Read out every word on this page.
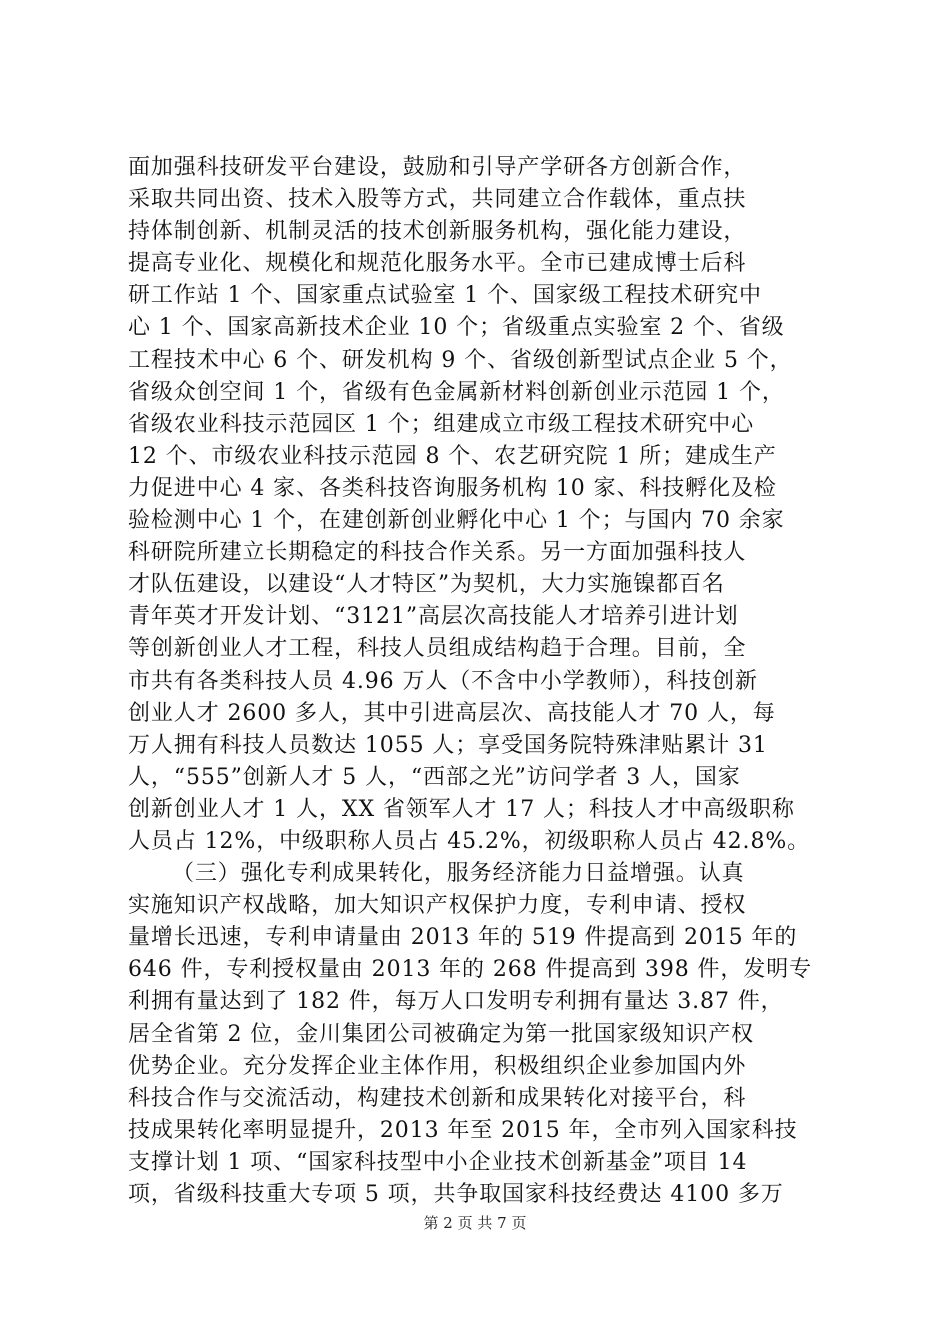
面加强科技研发平台建设，鼓励和引导产学研各方创新合作，
采取共同出资、技术入股等方式，共同建立合作载体，重点扶
持体制创新、机制灵活的技术创新服务机构，强化能力建设，
提高专业化、规模化和规范化服务水平。全市已建成博士后科
研工作站 1 个、国家重点试验室 1 个、国家级工程技术研究中
心 1 个、国家高新技术企业 10 个；省级重点实验室 2 个、省级
工程技术中心 6 个、研发机构 9 个、省级创新型试点企业 5 个，
省级众创空间 1 个，省级有色金属新材料创新创业示范园 1 个，
省级农业科技示范园区 1 个；组建成立市级工程技术研究中心
12 个、市级农业科技示范园 8 个、农艺研究院 1 所；建成生产
力促进中心 4 家、各类科技咨询服务机构 10 家、科技孵化及检
验检测中心 1 个，在建创新创业孵化中心 1 个；与国内 70 余家
科研院所建立长期稳定的科技合作关系。另一方面加强科技人
才队伍建设，以建设“人才特区”为契机，大力实施镍都百名
青年英才开发计划、“3121”高层次高技能人才培养引进计划
等创新创业人才工程，科技人员组成结构趋于合理。目前，全
市共有各类科技人员 4.96 万人（不含中小学教师），科技创新
创业人才 2600 多人，其中引进高层次、高技能人才 70 人，每
万人拥有科技人员数达 1055 人；享受国务院特殊津贴累计 31
人，“555”创新人才 5 人，“西部之光”访问学者 3 人，国家
创新创业人才 1 人，XX 省领军人才 17 人；科技人才中高级职称
人员占 12%，中级职称人员占 45.2%，初级职称人员占 42.8%。
（三）强化专利成果转化，服务经济能力日益增强。认真
实施知识产权战略，加大知识产权保护力度，专利申请、授权
量增长迅速，专利申请量由 2013 年的 519 件提高到 2015 年的
646 件，专利授权量由 2013 年的 268 件提高到 398 件，发明专
利拥有量达到了 182 件，每万人口发明专利拥有量达 3.87 件，
居全省第 2 位，金川集团公司被确定为第一批国家级知识产权
优势企业。充分发挥企业主体作用，积极组织企业参加国内外
科技合作与交流活动，构建技术创新和成果转化对接平台，科
技成果转化率明显提升，2013 年至 2015 年，全市列入国家科技
支撑计划 1 项、“国家科技型中小企业技术创新基金”项目 14
项，省级科技重大专项 5 项，共争取国家科技经费达 4100 多万
第 2 页 共 7 页
